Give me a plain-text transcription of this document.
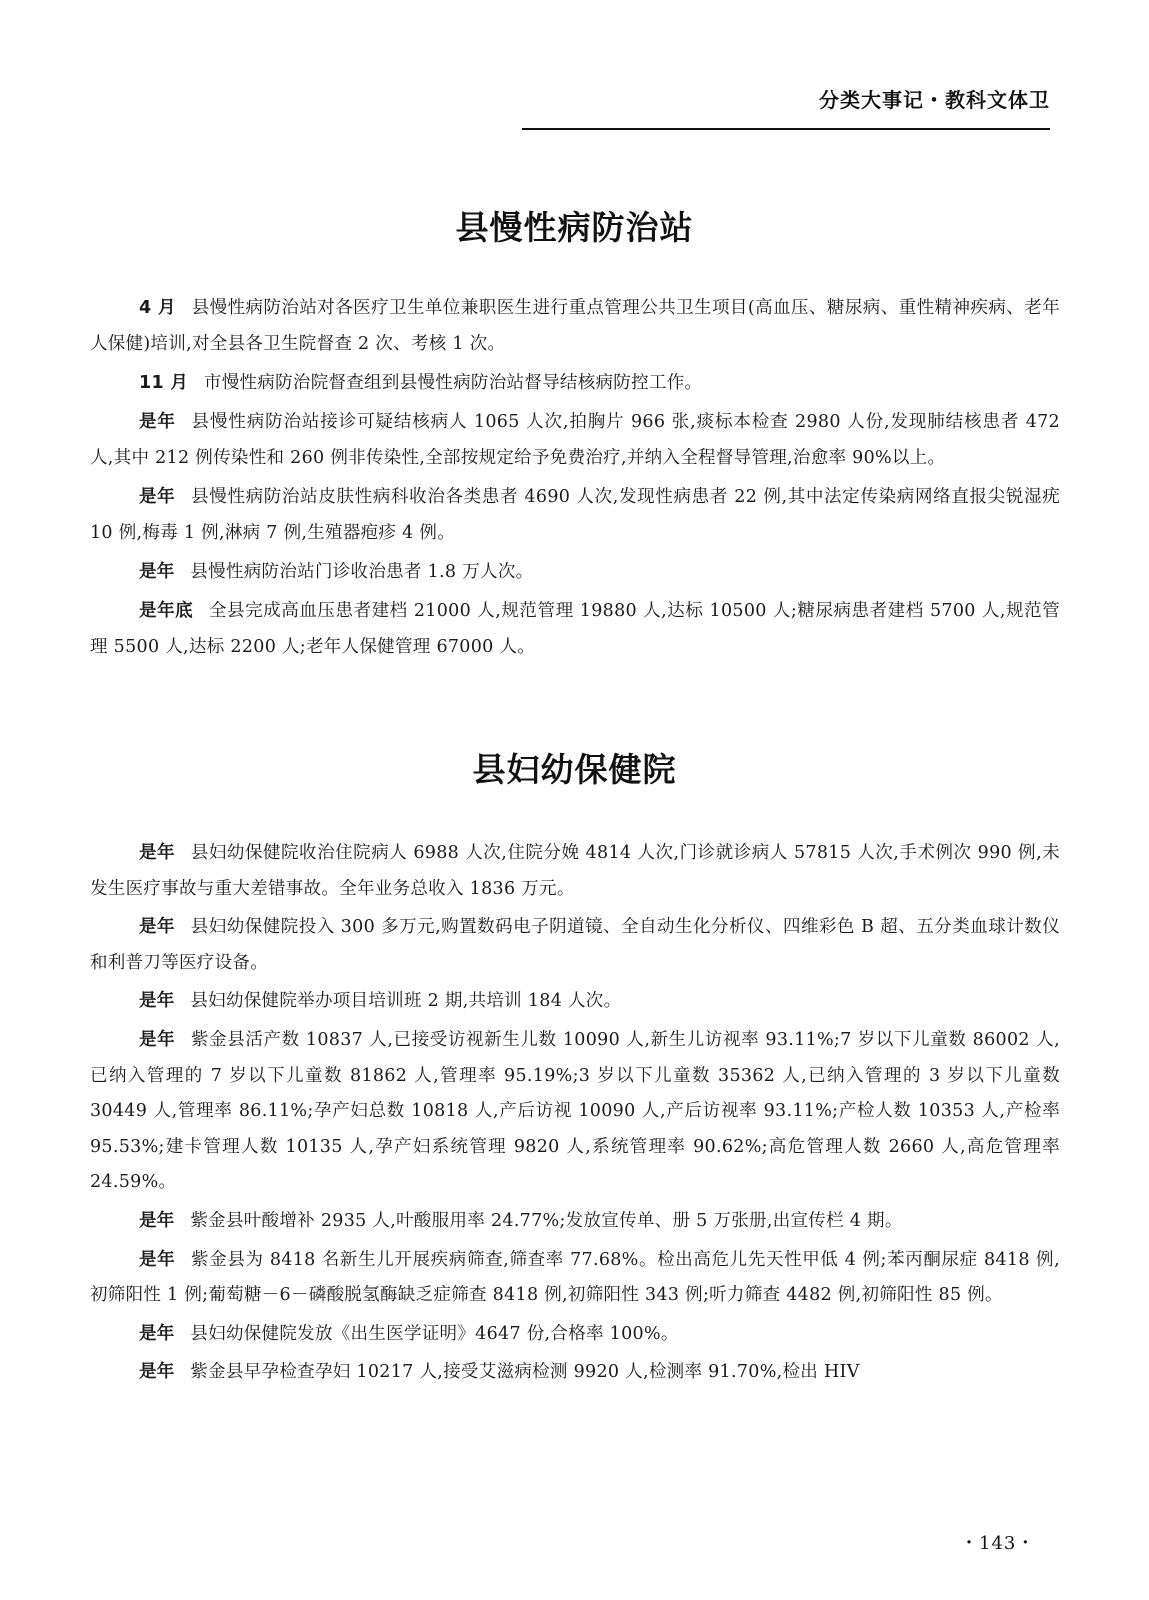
分类大事记・教科文体卫
县慢性病防治站

4 月 县慢性病防治站对各医疗卫生单位兼职医生进行重点管理公共卫生项目(高血压、糖尿病、重性精神疾病、老年人保健)培训,对全县各卫生院督查 2 次、考核 1 次。

11 月 市慢性病防治院督查组到县慢性病防治站督导结核病防控工作。

是年 县慢性病防治站接诊可疑结核病人 1065 人次,拍胸片 966 张,痰标本检查 2980 人份,发现肺结核患者 472 人,其中 212 例传染性和 260 例非传染性,全部按规定给予免费治疗,并纳入全程督导管理,治愈率 90%以上。

是年 县慢性病防治站皮肤性病科收治各类患者 4690 人次,发现性病患者 22 例,其中法定传染病网络直报尖锐湿疣 10 例,梅毒 1 例,淋病 7 例,生殖器疱疹 4 例。

是年 县慢性病防治站门诊收治患者 1.8 万人次。

是年底 全县完成高血压患者建档 21000 人,规范管理 19880 人,达标 10500 人;糖尿病患者建档 5700 人,规范管理 5500 人,达标 2200 人;老年人保健管理 67000 人。

县妇幼保健院

是年 县妇幼保健院收治住院病人 6988 人次,住院分娩 4814 人次,门诊就诊病人 57815 人次,手术例次 990 例,未发生医疗事故与重大差错事故。全年业务总收入 1836 万元。

是年 县妇幼保健院投入 300 多万元,购置数码电子阴道镜、全自动生化分析仪、四维彩色 B 超、五分类血球计数仪和利普刀等医疗设备。

是年 县妇幼保健院举办项目培训班 2 期,共培训 184 人次。

是年 紫金县活产数 10837 人,已接受访视新生儿数 10090 人,新生儿访视率 93.11%;7 岁以下儿童数 86002 人,已纳入管理的 7 岁以下儿童数 81862 人,管理率 95.19%;3 岁以下儿童数 35362 人,已纳入管理的 3 岁以下儿童数 30449 人,管理率 86.11%;孕产妇总数 10818 人,产后访视 10090 人,产后访视率 93.11%;产检人数 10353 人,产检率 95.53%;建卡管理人数 10135 人,孕产妇系统管理 9820 人,系统管理率 90.62%;高危管理人数 2660 人,高危管理率 24.59%。

是年 紫金县叶酸增补 2935 人,叶酸服用率 24.77%;发放宣传单、册 5 万张册,出宣传栏 4 期。

是年 紫金县为 8418 名新生儿开展疾病筛查,筛查率 77.68%。检出高危儿先天性甲低 4 例;苯丙酮尿症 8418 例,初筛阳性 1 例;葡萄糖－6－磷酸脱氢酶缺乏症筛查 8418 例,初筛阳性 343 例;听力筛查 4482 例,初筛阳性 85 例。

是年 县妇幼保健院发放《出生医学证明》4647 份,合格率 100%。

是年 紫金县早孕检查孕妇 10217 人,接受艾滋病检测 9920 人,检测率 91.70%,检出 HIV

・143・
